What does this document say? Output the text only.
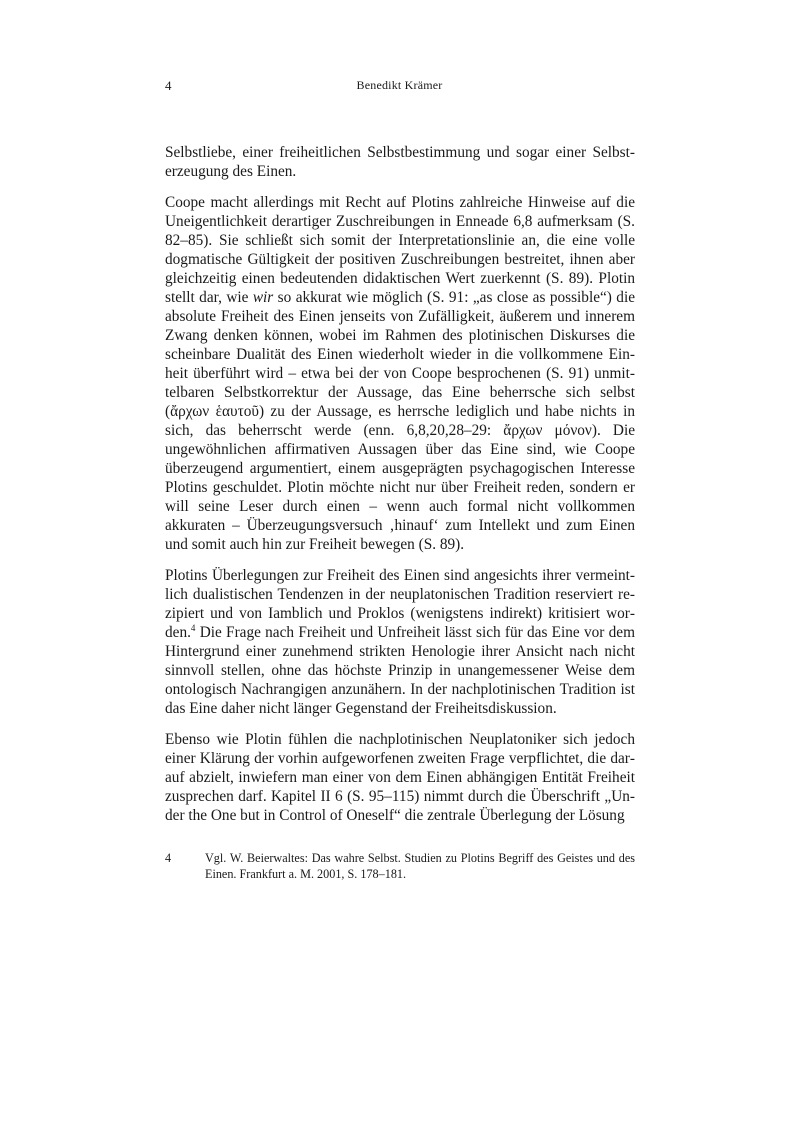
4	Benedikt Krämer

Selbstliebe, einer freiheitlichen Selbstbestimmung und sogar einer Selbsterzeugung des Einen.

Coope macht allerdings mit Recht auf Plotins zahlreiche Hinweise auf die Uneigentlichkeit derartiger Zuschreibungen in Enneade 6,8 aufmerksam (S. 82–85). Sie schließt sich somit der Interpretationslinie an, die eine volle dogmatische Gültigkeit der positiven Zuschreibungen bestreitet, ihnen aber gleichzeitig einen bedeutenden didaktischen Wert zuerkennt (S. 89). Plotin stellt dar, wie wir so akkurat wie möglich (S. 91: „as close as possible“) die absolute Freiheit des Einen jenseits von Zufälligkeit, äußerem und innerem Zwang denken können, wobei im Rahmen des plotinischen Diskurses die scheinbare Dualität des Einen wiederholt wieder in die vollkommene Einheit überführt wird – etwa bei der von Coope besprochenen (S. 91) unmittelbaren Selbstkorrektur der Aussage, das Eine beherrsche sich selbst (ἄρχων ἑαυτοῦ) zu der Aussage, es herrsche lediglich und habe nichts in sich, das beherrscht werde (enn. 6,8,20,28–29: ἄρχων μόνον). Die ungewöhnlichen affirmativen Aussagen über das Eine sind, wie Coope überzeugend argumentiert, einem ausgeprägten psychagogischen Interesse Plotins geschuldet. Plotin möchte nicht nur über Freiheit reden, sondern er will seine Leser durch einen – wenn auch formal nicht vollkommen akkuraten – Überzeugungsversuch ‚hinauf‘ zum Intellekt und zum Einen und somit auch hin zur Freiheit bewegen (S. 89).

Plotins Überlegungen zur Freiheit des Einen sind angesichts ihrer vermeintlich dualistischen Tendenzen in der neuplatonischen Tradition reserviert rezipiert und von Iamblich und Proklos (wenigstens indirekt) kritisiert worden.$^4$ Die Frage nach Freiheit und Unfreiheit lässt sich für das Eine vor dem Hintergrund einer zunehmend strikten Henologie ihrer Ansicht nach nicht sinnvoll stellen, ohne das höchste Prinzip in unangemessener Weise dem ontologisch Nachrangigen anzunähern. In der nachplotinischen Tradition ist das Eine daher nicht länger Gegenstand der Freiheitsdiskussion.

Ebenso wie Plotin fühlen die nachplotinischen Neuplatoniker sich jedoch einer Klärung der vorhin aufgeworfenen zweiten Frage verpflichtet, die darauf abzielt, inwiefern man einer von dem Einen abhängigen Entität Freiheit zusprechen darf. Kapitel II 6 (S. 95–115) nimmt durch die Überschrift „Under the One but in Control of Oneself“ die zentrale Überlegung der Lösung

4	Vgl. W. Beierwaltes: Das wahre Selbst. Studien zu Plotins Begriff des Geistes und des Einen. Frankfurt a. M. 2001, S. 178–181.
